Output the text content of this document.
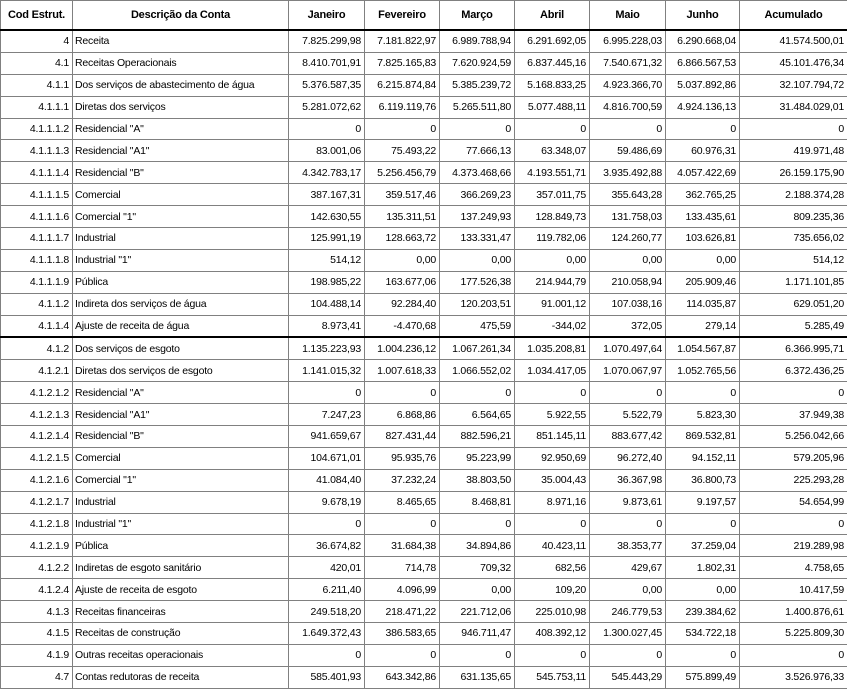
Cod Estrut.	Descrição da Conta	Janeiro	Fevereiro	Março	Abril	Maio	Junho	Acumulado
4	Receita	7.825.299,98	7.181.822,97	6.989.788,94	6.291.692,05	6.995.228,03	6.290.668,04	41.574.500,01
4.1	Receitas Operacionais	8.410.701,91	7.825.165,83	7.620.924,59	6.837.445,16	7.540.671,32	6.866.567,53	45.101.476,34
4.1.1	Dos serviços de abastecimento de água	5.376.587,35	6.215.874,84	5.385.239,72	5.168.833,25	4.923.366,70	5.037.892,86	32.107.794,72
4.1.1.1	Diretas dos serviços	5.281.072,62	6.119.119,76	5.265.511,80	5.077.488,11	4.816.700,59	4.924.136,13	31.484.029,01
4.1.1.1.2	Residencial "A"	0	0	0	0	0	0	0
4.1.1.1.3	Residencial "A1"	83.001,06	75.493,22	77.666,13	63.348,07	59.486,69	60.976,31	419.971,48
4.1.1.1.4	Residencial "B"	4.342.783,17	5.256.456,79	4.373.468,66	4.193.551,71	3.935.492,88	4.057.422,69	26.159.175,90
4.1.1.1.5	Comercial	387.167,31	359.517,46	366.269,23	357.011,75	355.643,28	362.765,25	2.188.374,28
4.1.1.1.6	Comercial "1"	142.630,55	135.311,51	137.249,93	128.849,73	131.758,03	133.435,61	809.235,36
4.1.1.1.7	Industrial	125.991,19	128.663,72	133.331,47	119.782,06	124.260,77	103.626,81	735.656,02
4.1.1.1.8	Industrial "1"	514,12	0,00	0,00	0,00	0,00	0,00	514,12
4.1.1.1.9	Pública	198.985,22	163.677,06	177.526,38	214.944,79	210.058,94	205.909,46	1.171.101,85
4.1.1.2	Indireta dos serviços de água	104.488,14	92.284,40	120.203,51	91.001,12	107.038,16	114.035,87	629.051,20
4.1.1.4	Ajuste de receita de água	8.973,41	-4.470,68	475,59	-344,02	372,05	279,14	5.285,49
4.1.2	Dos serviços de esgoto	1.135.223,93	1.004.236,12	1.067.261,34	1.035.208,81	1.070.497,64	1.054.567,87	6.366.995,71
4.1.2.1	Diretas dos serviços de esgoto	1.141.015,32	1.007.618,33	1.066.552,02	1.034.417,05	1.070.067,97	1.052.765,56	6.372.436,25
4.1.2.1.2	Residencial "A"	0	0	0	0	0	0	0
4.1.2.1.3	Residencial "A1"	7.247,23	6.868,86	6.564,65	5.922,55	5.522,79	5.823,30	37.949,38
4.1.2.1.4	Residencial "B"	941.659,67	827.431,44	882.596,21	851.145,11	883.677,42	869.532,81	5.256.042,66
4.1.2.1.5	Comercial	104.671,01	95.935,76	95.223,99	92.950,69	96.272,40	94.152,11	579.205,96
4.1.2.1.6	Comercial "1"	41.084,40	37.232,24	38.803,50	35.004,43	36.367,98	36.800,73	225.293,28
4.1.2.1.7	Industrial	9.678,19	8.465,65	8.468,81	8.971,16	9.873,61	9.197,57	54.654,99
4.1.2.1.8	Industrial "1"	0	0	0	0	0	0	0
4.1.2.1.9	Pública	36.674,82	31.684,38	34.894,86	40.423,11	38.353,77	37.259,04	219.289,98
4.1.2.2	Indiretas de esgoto sanitário	420,01	714,78	709,32	682,56	429,67	1.802,31	4.758,65
4.1.2.4	Ajuste de receita de esgoto	6.211,40	4.096,99	0,00	109,20	0,00	0,00	10.417,59
4.1.3	Receitas financeiras	249.518,20	218.471,22	221.712,06	225.010,98	246.779,53	239.384,62	1.400.876,61
4.1.5	Receitas de construção	1.649.372,43	386.583,65	946.711,47	408.392,12	1.300.027,45	534.722,18	5.225.809,30
4.1.9	Outras receitas operacionais	0	0	0	0	0	0	0
4.7	Contas redutoras de receita	585.401,93	643.342,86	631.135,65	545.753,11	545.443,29	575.899,49	3.526.976,33
